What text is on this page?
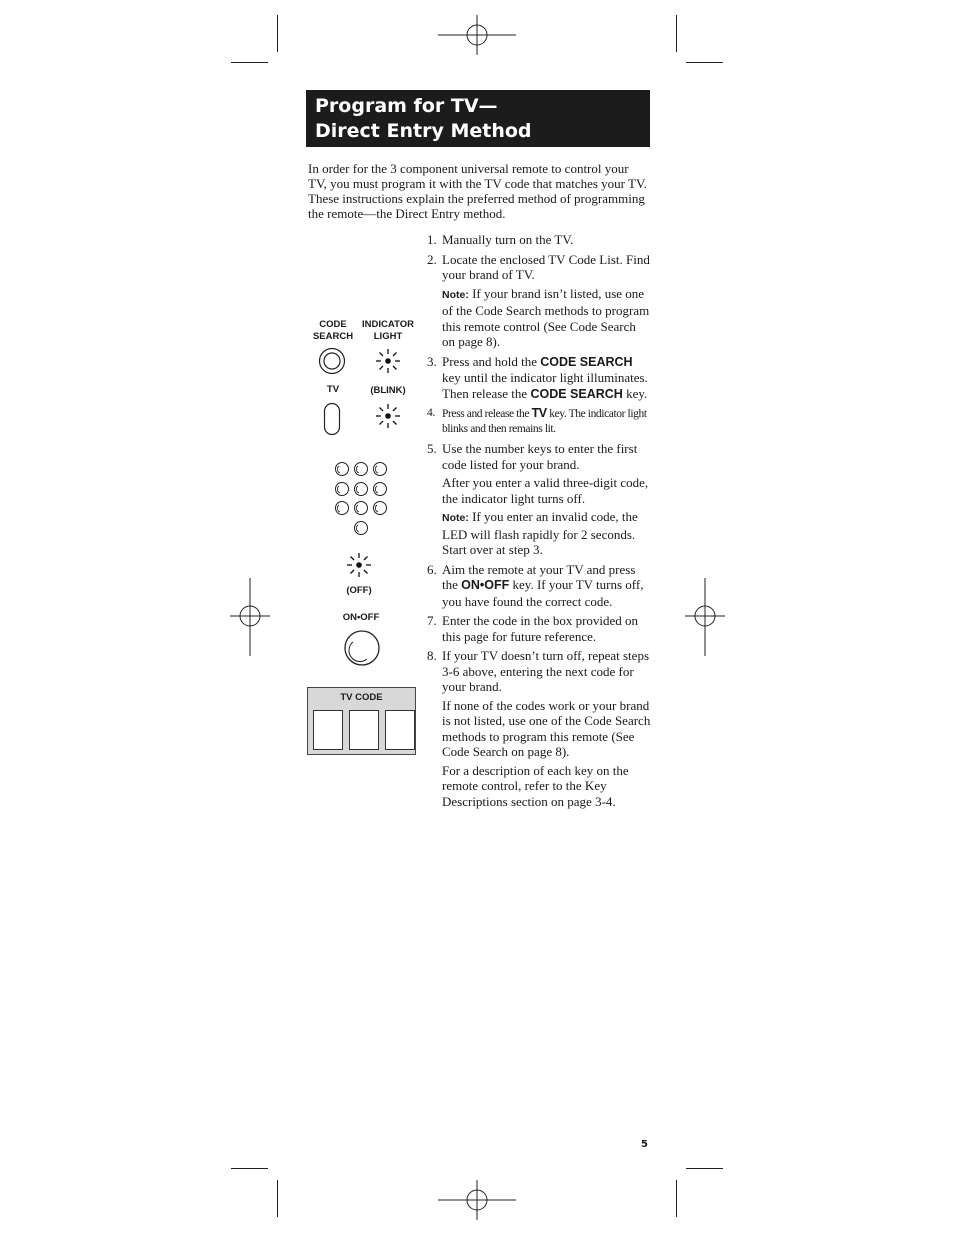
Program for TV—
Direct Entry Method
In order for the 3 component universal remote to control your TV, you must program it with the TV code that matches your TV. These instructions explain the preferred method of programming the remote—the Direct Entry method.
CODE
SEARCH
INDICATOR
LIGHT
TV	(BLINK)
(OFF)
ON•OFF
TV CODE
1. Manually turn on the TV.
2. Locate the enclosed TV Code List. Find your brand of TV.

Note: If your brand isn’t listed, use one of the Code Search methods to program this remote control (See Code Search on page 8).

3. Press and hold the CODE SEARCH key until the indicator light illuminates. Then release the CODE SEARCH key.
4. Press and release the TV key. The indicator light blinks and then remains lit.
5. Use the number keys to enter the first code listed for your brand.

After you enter a valid three-digit code, the indicator light turns off.

Note: If you enter an invalid code, the LED will flash rapidly for 2 seconds. Start over at step 3.

6. Aim the remote at your TV and press the ON•OFF key. If your TV turns off, you have found the correct code.
7. Enter the code in the box provided on this page for future reference.
8. If your TV doesn’t turn off, repeat steps 3-6 above, entering the next code for your brand.

If none of the codes work or your brand is not listed, use one of the Code Search methods to program this remote (See Code Search on page 8).

For a description of each key on the remote control, refer to the Key Descriptions section on page 3-4.

5
